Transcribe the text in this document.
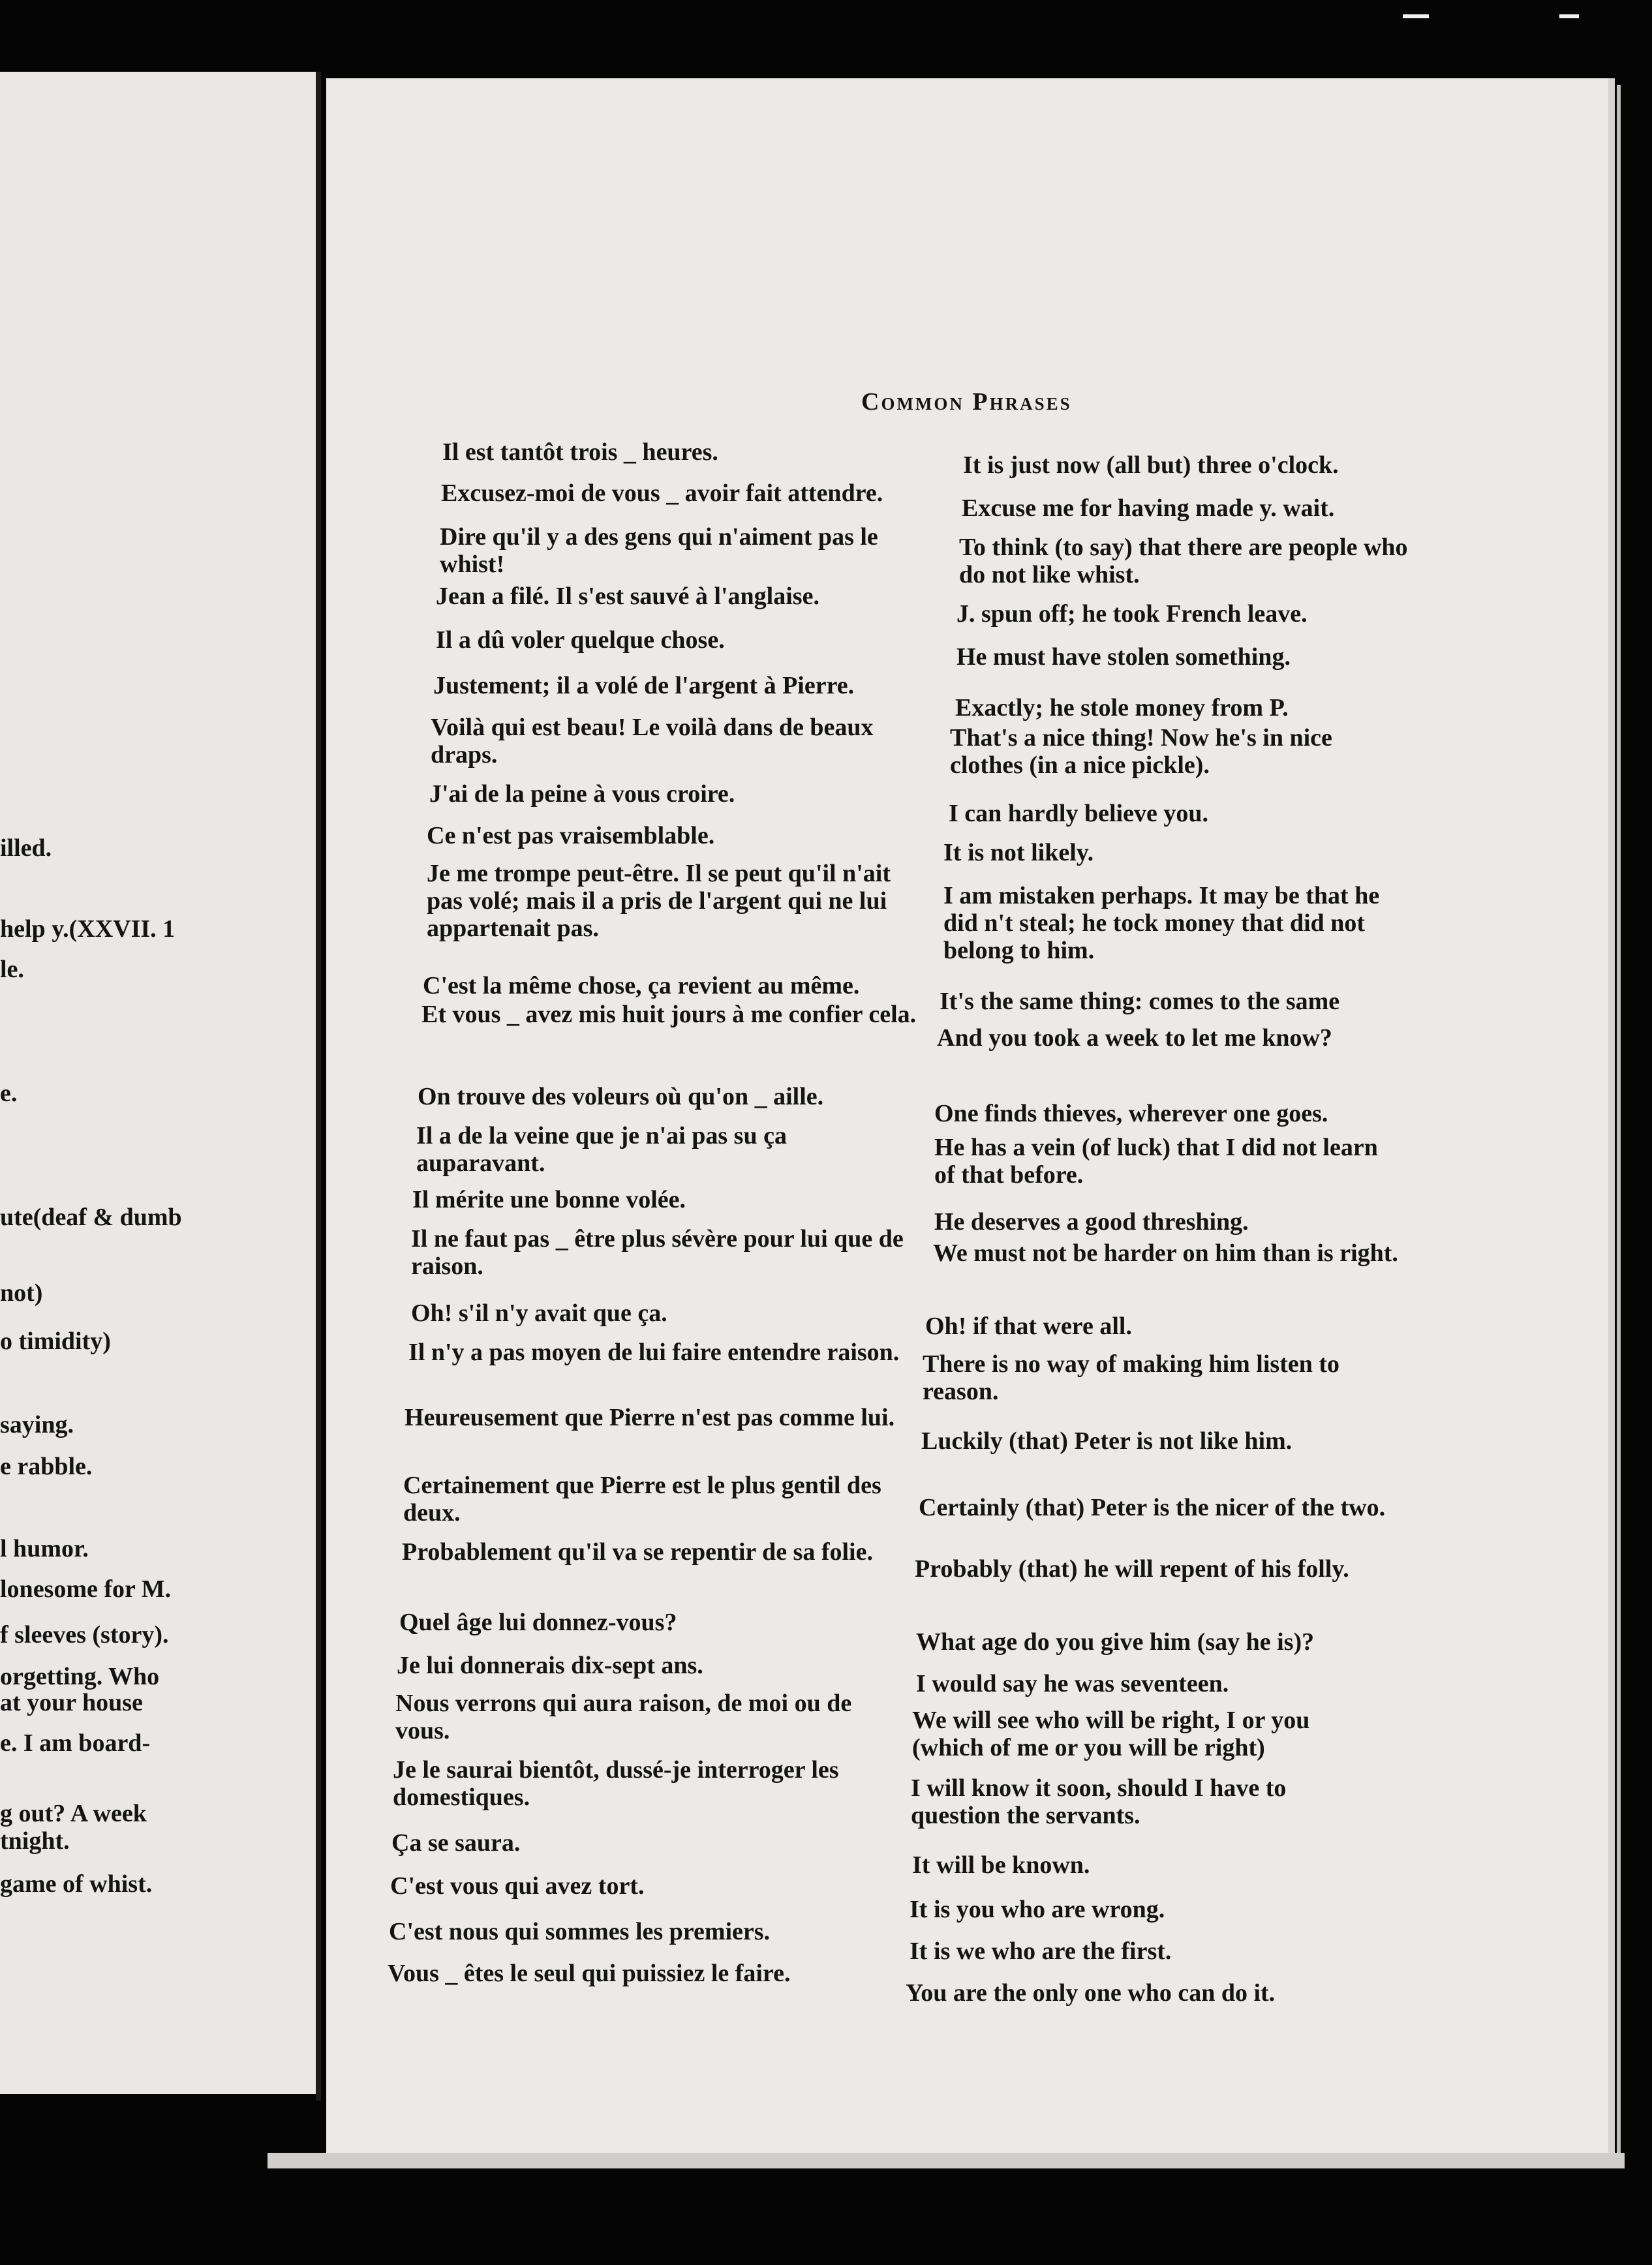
illed.
help y.(XXVII. 1
le.
e.
ute(deaf & dumb
not)
o timidity)
saying.
e rabble.
l humor.
lonesome for M.
f sleeves (story).
orgetting. Who
at your house
e. I am board-
g out? A week
tnight.
game of whist.
Common Phrases
Il est tantôt trois _ heures.
Excusez-moi de vous _ avoir fait attendre.
Dire qu'il y a des gens qui n'aiment pas le whist!
Jean a filé. Il s'est sauvé à l'anglaise.
Il a dû voler quelque chose.
Justement; il a volé de l'argent à Pierre.
Voilà qui est beau! Le voilà dans de beaux draps.
J'ai de la peine à vous croire.
Ce n'est pas vraisemblable.
Je me trompe peut-être. Il se peut qu'il n'ait pas volé; mais il a pris de l'argent qui ne lui appartenait pas.
C'est la même chose, ça revient au même.
Et vous _ avez mis huit jours à me confier cela.
On trouve des voleurs où qu'on _ aille.
Il a de la veine que je n'ai pas su ça auparavant.
Il mérite une bonne volée.
Il ne faut pas _ être plus sévère pour lui que de raison.
Oh! s'il n'y avait que ça.
Il n'y a pas moyen de lui faire entendre raison.
Heureusement que Pierre n'est pas comme lui.
Certainement que Pierre est le plus gentil des deux.
Probablement qu'il va se repentir de sa folie.
Quel âge lui donnez-vous?
Je lui donnerais dix-sept ans.
Nous verrons qui aura raison, de moi ou de vous.
Je le saurai bientôt, dussé-je interroger les domestiques.
Ça se saura.
C'est vous qui avez tort.
C'est nous qui sommes les premiers.
Vous _ êtes le seul qui puissiez le faire.
It is just now (all but) three o'clock.
Excuse me for having made y. wait.
To think (to say) that there are people who do not like whist.
J. spun off; he took French leave.
He must have stolen something.
Exactly; he stole money from P.
That's a nice thing! Now he's in nice clothes (in a nice pickle).
I can hardly believe you.
It is not likely.
I am mistaken perhaps. It may be that he did n't steal; he tock money that did not belong to him.
It's the same thing: comes to the same
And you took a week to let me know?
One finds thieves, wherever one goes.
He has a vein (of luck) that I did not learn of that before.
He deserves a good threshing.
We must not be harder on him than is right.
Oh! if that were all.
There is no way of making him listen to reason.
Luckily (that) Peter is not like him.
Certainly (that) Peter is the nicer of the two.
Probably (that) he will repent of his folly.
What age do you give him (say he is)?
I would say he was seventeen.
We will see who will be right, I or you (which of me or you will be right)
I will know it soon, should I have to question the servants.
It will be known.
It is you who are wrong.
It is we who are the first.
You are the only one who can do it.
